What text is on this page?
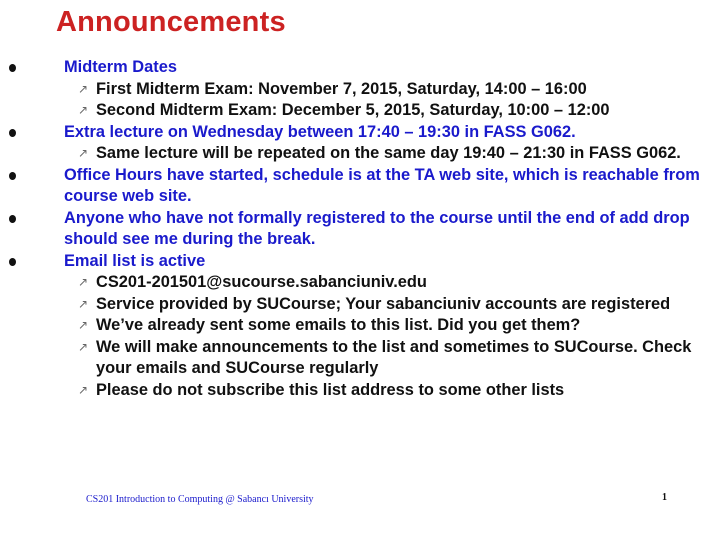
Announcements
Midterm Dates
↗ First Midterm Exam: November 7, 2015, Saturday, 14:00 – 16:00
↗ Second Midterm Exam: December 5, 2015, Saturday, 10:00 – 12:00
Extra lecture on Wednesday between 17:40 – 19:30 in FASS G062.
↗ Same lecture will be repeated on the same day 19:40 – 21:30 in FASS G062.
Office Hours have started, schedule is at the TA web site, which is reachable from course web site.
Anyone who have not formally registered to the course until the end of add drop should see me during the break.
Email list is active
↗ CS201-201501@sucourse.sabanciuniv.edu
↗ Service provided by SUCourse; Your sabanciuniv accounts are registered
↗ We’ve already sent some emails to this list. Did you get them?
↗ We will make announcements to the list and sometimes to SUCourse. Check your emails and SUCourse regularly
↗ Please do not subscribe this list address to some other lists
CS201 Introduction to Computing @ Sabancı University	1
